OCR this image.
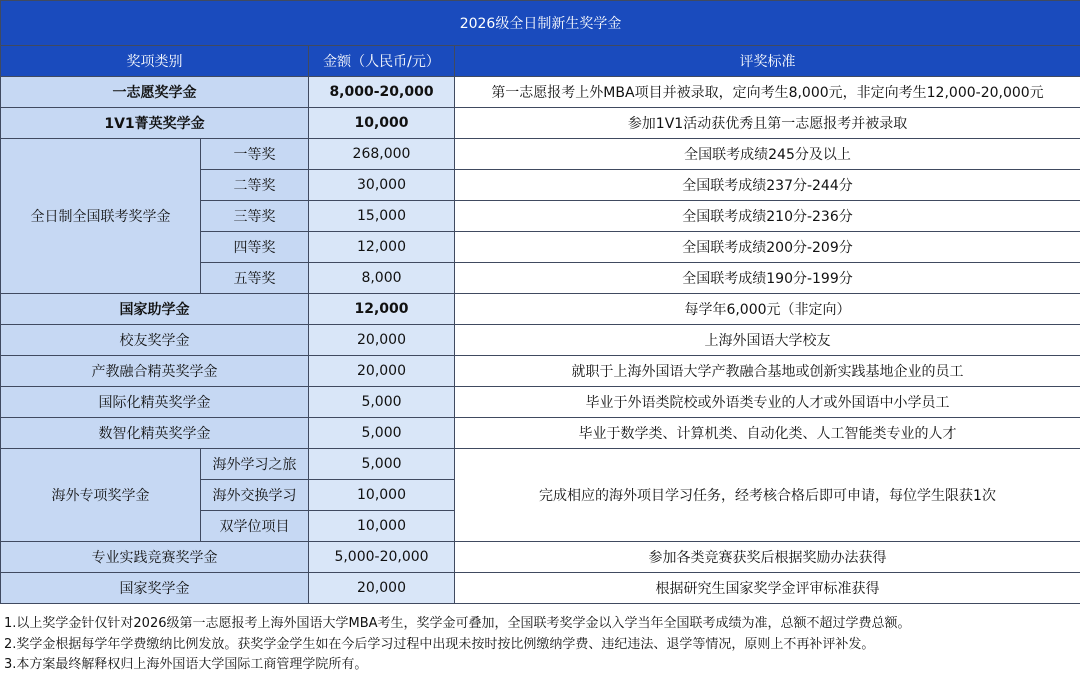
2026级全日制新生奖学金			
奖项类别		金额（人民币/元）	评奖标准
一志愿奖学金		8,000-20,000	第一志愿报考上外MBA项目并被录取，定向考生8,000元，非定向考生12,000-20,000元
1V1菁英奖学金		10,000	参加1V1活动获优秀且第一志愿报考并被录取
全日制全国联考奖学金	一等奖	268,000	全国联考成绩245分及以上
	二等奖	30,000	全国联考成绩237分-244分
	三等奖	15,000	全国联考成绩210分-236分
	四等奖	12,000	全国联考成绩200分-209分
	五等奖	8,000	全国联考成绩190分-199分
国家助学金		12,000	每学年6,000元（非定向）
校友奖学金		20,000	上海外国语大学校友
产教融合精英奖学金		20,000	就职于上海外国语大学产教融合基地或创新实践基地企业的员工
国际化精英奖学金		5,000	毕业于外语类院校或外语类专业的人才或外国语中小学员工
数智化精英奖学金		5,000	毕业于数学类、计算机类、自动化类、人工智能类专业的人才
海外专项奖学金	海外学习之旅	5,000	完成相应的海外项目学习任务，经考核合格后即可申请，每位学生限获1次
	海外交换学习	10,000	
	双学位项目	10,000	
专业实践竞赛奖学金		5,000-20,000	参加各类竞赛获奖后根据奖励办法获得
国家奖学金		20,000	根据研究生国家奖学金评审标准获得
1.以上奖学金针仅针对2026级第一志愿报考上海外国语大学MBA考生，奖学金可叠加，全国联考奖学金以入学当年全国联考成绩为准，总额不超过学费总额。
2.奖学金根据每学年学费缴纳比例发放。获奖学金学生如在今后学习过程中出现未按时按比例缴纳学费、违纪违法、退学等情况，原则上不再补评补发。
3.本方案最终解释权归上海外国语大学国际工商管理学院所有。
